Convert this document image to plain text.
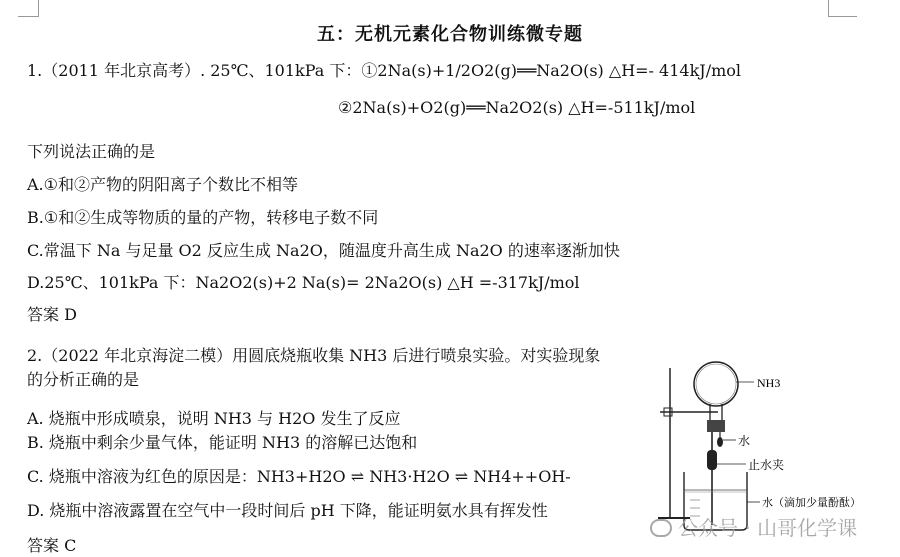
五：无机元素化合物训练微专题
1.（2011 年北京高考）. 25℃、101kPa 下：①2Na(s)+1/2O2(g)══Na2O(s) △H=- 414kJ/mol
②2Na(s)+O2(g)══Na2O2(s) △H=-511kJ/mol
下列说法正确的是
A.①和②产物的阴阳离子个数比不相等
B.①和②生成等物质的量的产物，转移电子数不同
C.常温下 Na 与足量 O2 反应生成 Na2O，随温度升高生成 Na2O 的速率逐渐加快
D.25℃、101kPa 下：Na2O2(s)+2 Na(s)= 2Na2O(s) △H =-317kJ/mol
答案 D
2.（2022 年北京海淀二模）用圆底烧瓶收集 NH3 后进行喷泉实验。对实验现象
的分析正确的是
A. 烧瓶中形成喷泉，说明 NH3 与 H2O 发生了反应
B. 烧瓶中剩余少量气体，能证明 NH3 的溶解已达饱和
C. 烧瓶中溶液为红色的原因是：NH3+H2O ⇌ NH3·H2O ⇌ NH4++OH-
D. 烧瓶中溶液露置在空气中一段时间后 pH 下降，能证明氨水具有挥发性
答案 C
NH3
水
止水夹
水（滴加少量酚酞）
公众号 · 山哥化学课
